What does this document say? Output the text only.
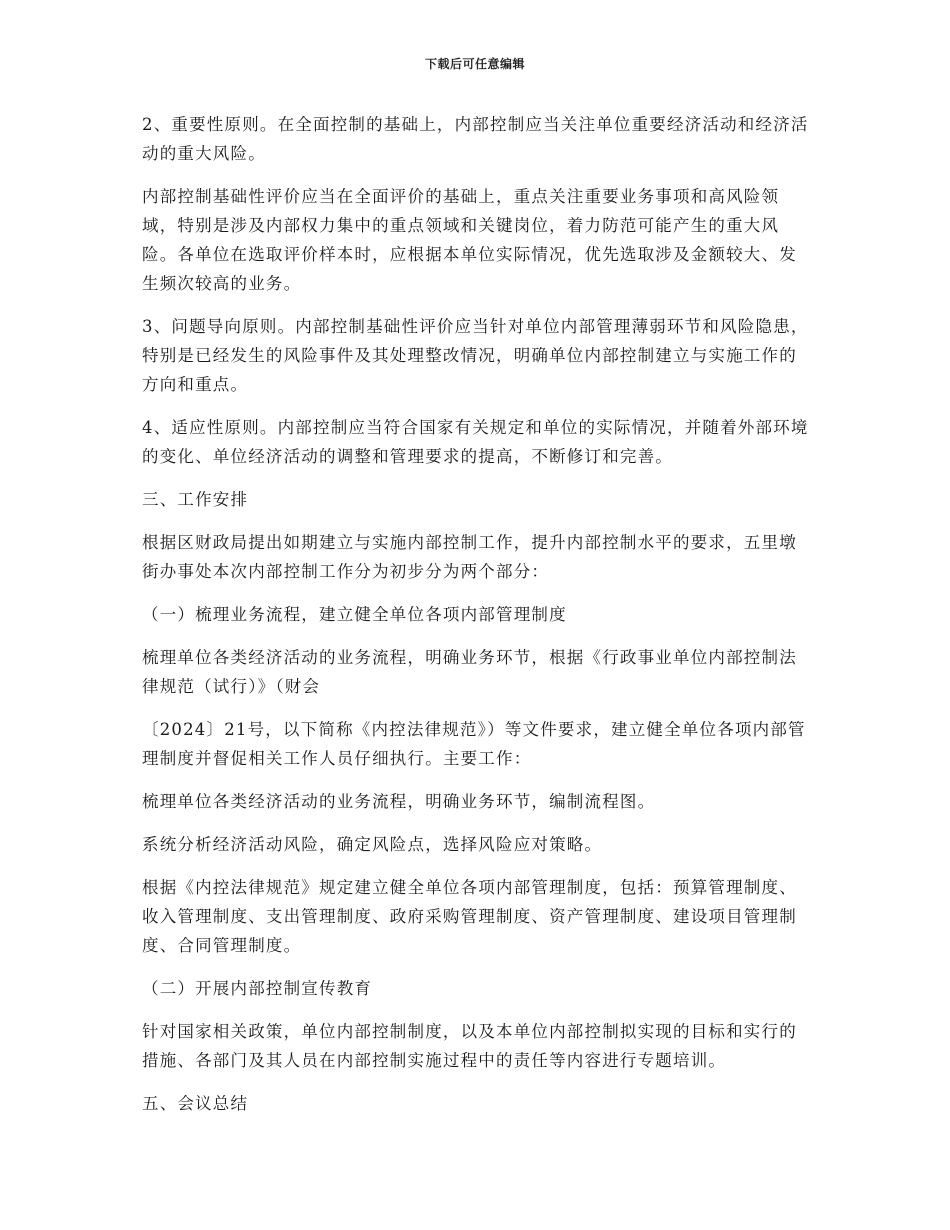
下载后可任意编辑

2、重要性原则。在全面控制的基础上，内部控制应当关注单位重要经济活动和经济活动的重大风险。

内部控制基础性评价应当在全面评价的基础上，重点关注重要业务事项和高风险领域，特别是涉及内部权力集中的重点领域和关键岗位，着力防范可能产生的重大风险。各单位在选取评价样本时，应根据本单位实际情况，优先选取涉及金额较大、发生频次较高的业务。

3、问题导向原则。内部控制基础性评价应当针对单位内部管理薄弱环节和风险隐患，特别是已经发生的风险事件及其处理整改情况，明确单位内部控制建立与实施工作的方向和重点。

4、适应性原则。内部控制应当符合国家有关规定和单位的实际情况，并随着外部环境的变化、单位经济活动的调整和管理要求的提高，不断修订和完善。

三、工作安排

根据区财政局提出如期建立与实施内部控制工作，提升内部控制水平的要求，五里墩街办事处本次内部控制工作分为初步分为两个部分：

（一）梳理业务流程，建立健全单位各项内部管理制度

梳理单位各类经济活动的业务流程，明确业务环节，根据《行政事业单位内部控制法律规范（试行）》（财会

〔2024〕21号，以下简称《内控法律规范》）等文件要求，建立健全单位各项内部管理制度并督促相关工作人员仔细执行。主要工作：

梳理单位各类经济活动的业务流程，明确业务环节，编制流程图。

系统分析经济活动风险，确定风险点，选择风险应对策略。

根据《内控法律规范》规定建立健全单位各项内部管理制度，包括：预算管理制度、收入管理制度、支出管理制度、政府采购管理制度、资产管理制度、建设项目管理制度、合同管理制度。

（二）开展内部控制宣传教育

针对国家相关政策，单位内部控制制度，以及本单位内部控制拟实现的目标和实行的措施、各部门及其人员在内部控制实施过程中的责任等内容进行专题培训。

五、会议总结
